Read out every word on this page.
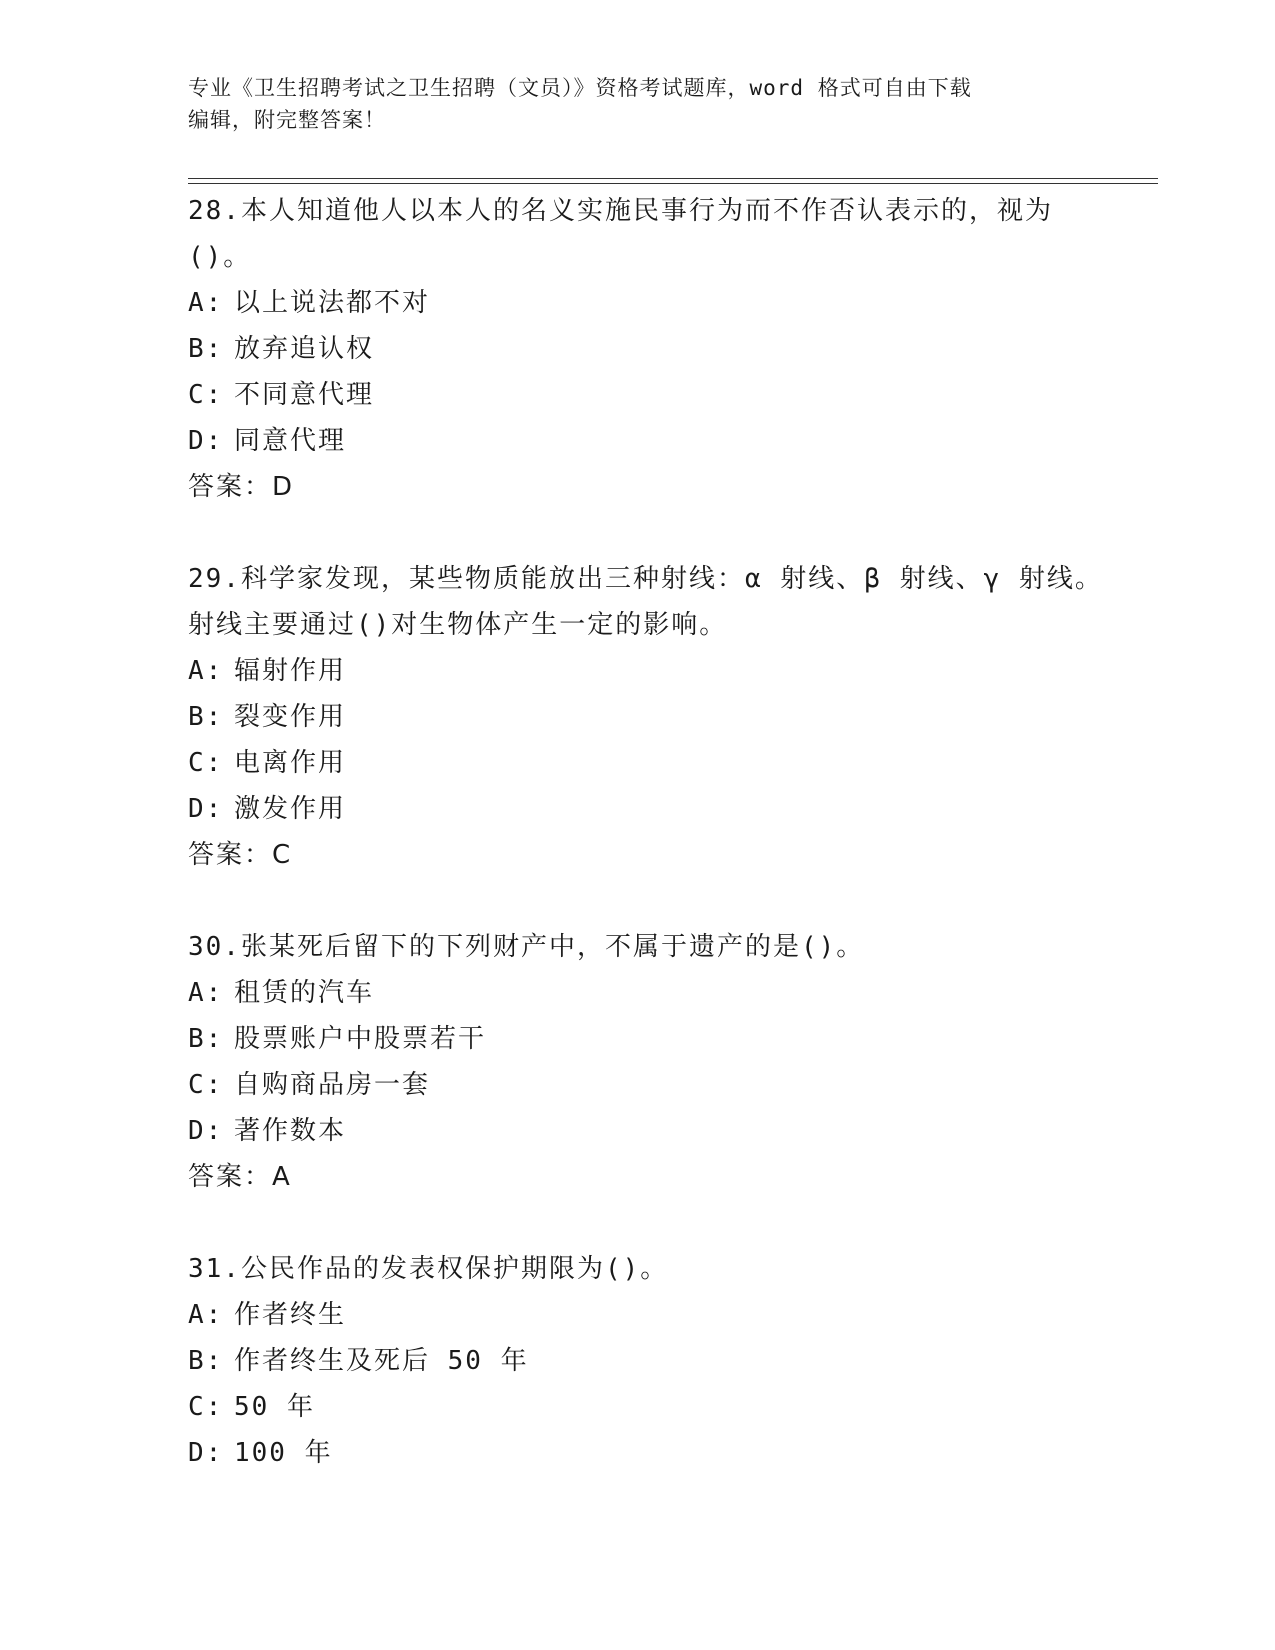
专业《卫生招聘考试之卫生招聘（文员）》资格考试题库，word 格式可自由下载
编辑，附完整答案！

28.本人知道他人以本人的名义实施民事行为而不作否认表示的，视为()。

A: 以上说法都不对

B: 放弃追认权

C: 不同意代理

D: 同意代理

答案：D

29.科学家发现，某些物质能放出三种射线：α 射线、β 射线、γ 射线。射线主要通过()对生物体产生一定的影响。

A: 辐射作用

B: 裂变作用

C: 电离作用

D: 激发作用

答案：C

30.张某死后留下的下列财产中，不属于遗产的是()。

A: 租赁的汽车

B: 股票账户中股票若干

C: 自购商品房一套

D: 著作数本

答案：A

31.公民作品的发表权保护期限为()。

A: 作者终生

B: 作者终生及死后 50 年

C: 50 年

D: 100 年
